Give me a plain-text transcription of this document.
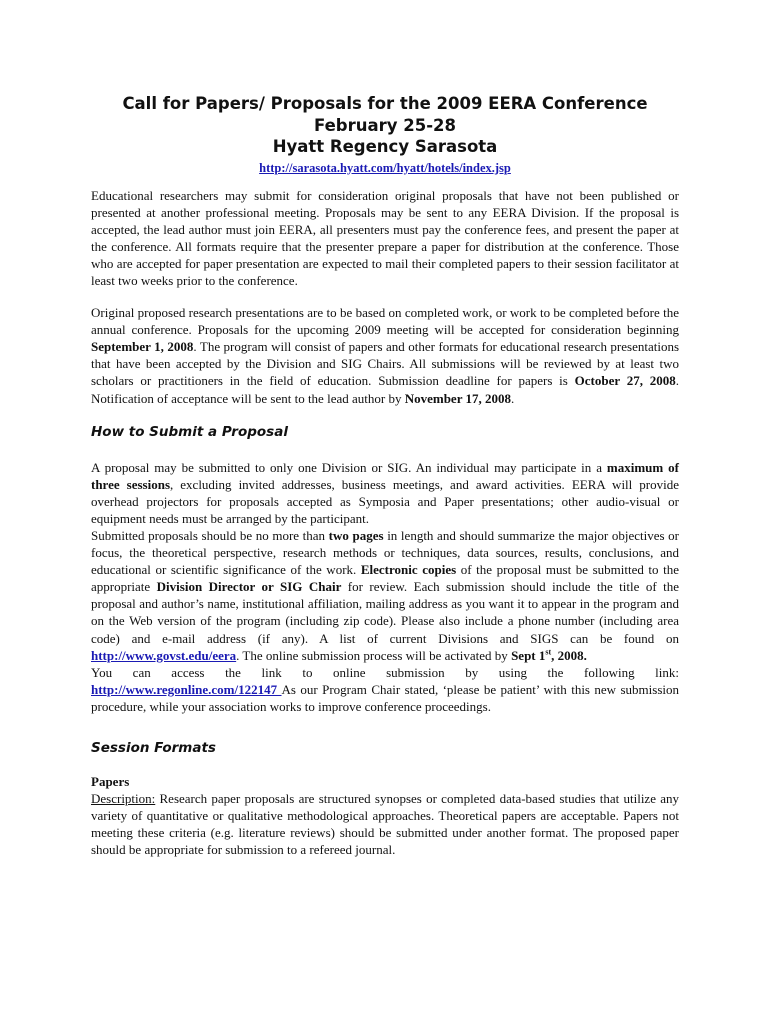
Call for Papers/ Proposals for the 2009 EERA Conference
February 25-28
Hyatt Regency Sarasota
http://sarasota.hyatt.com/hyatt/hotels/index.jsp

Educational researchers may submit for consideration original proposals that have not been published or presented at another professional meeting. Proposals may be sent to any EERA Division. If the proposal is accepted, the lead author must join EERA, all presenters must pay the conference fees, and present the paper at the conference. All formats require that the presenter prepare a paper for distribution at the conference. Those who are accepted for paper presentation are expected to mail their completed papers to their session facilitator at least two weeks prior to the conference.

Original proposed research presentations are to be based on completed work, or work to be completed before the annual conference. Proposals for the upcoming 2009 meeting will be accepted for consideration beginning September 1, 2008. The program will consist of papers and other formats for educational research presentations that have been accepted by the Division and SIG Chairs. All submissions will be reviewed by at least two scholars or practitioners in the field of education. Submission deadline for papers is October 27, 2008. Notification of acceptance will be sent to the lead author by November 17, 2008.

How to Submit a Proposal

A proposal may be submitted to only one Division or SIG. An individual may participate in a maximum of three sessions, excluding invited addresses, business meetings, and award activities. EERA will provide overhead projectors for proposals accepted as Symposia and Paper presentations; other audio-visual or equipment needs must be arranged by the participant.

Submitted proposals should be no more than two pages in length and should summarize the major objectives or focus, the theoretical perspective, research methods or techniques, data sources, results, conclusions, and educational or scientific significance of the work. Electronic copies of the proposal must be submitted to the appropriate Division Director or SIG Chair for review. Each submission should include the title of the proposal and author’s name, institutional affiliation, mailing address as you want it to appear in the program and on the Web version of the program (including zip code). Please also include a phone number (including area code) and e-mail address (if any). A list of current Divisions and SIGS can be found on http://www.govst.edu/eera. The online submission process will be activated by Sept 1st, 2008.

You can access the link to online submission by using the following link:

http://www.regonline.com/122147 As our Program Chair stated, ‘please be patient’ with this new submission procedure, while your association works to improve conference proceedings.

Session Formats

Papers

Description: Research paper proposals are structured synopses or completed data-based studies that utilize any variety of quantitative or qualitative methodological approaches. Theoretical papers are acceptable. Papers not meeting these criteria (e.g. literature reviews) should be submitted under another format. The proposed paper should be appropriate for submission to a refereed journal.
